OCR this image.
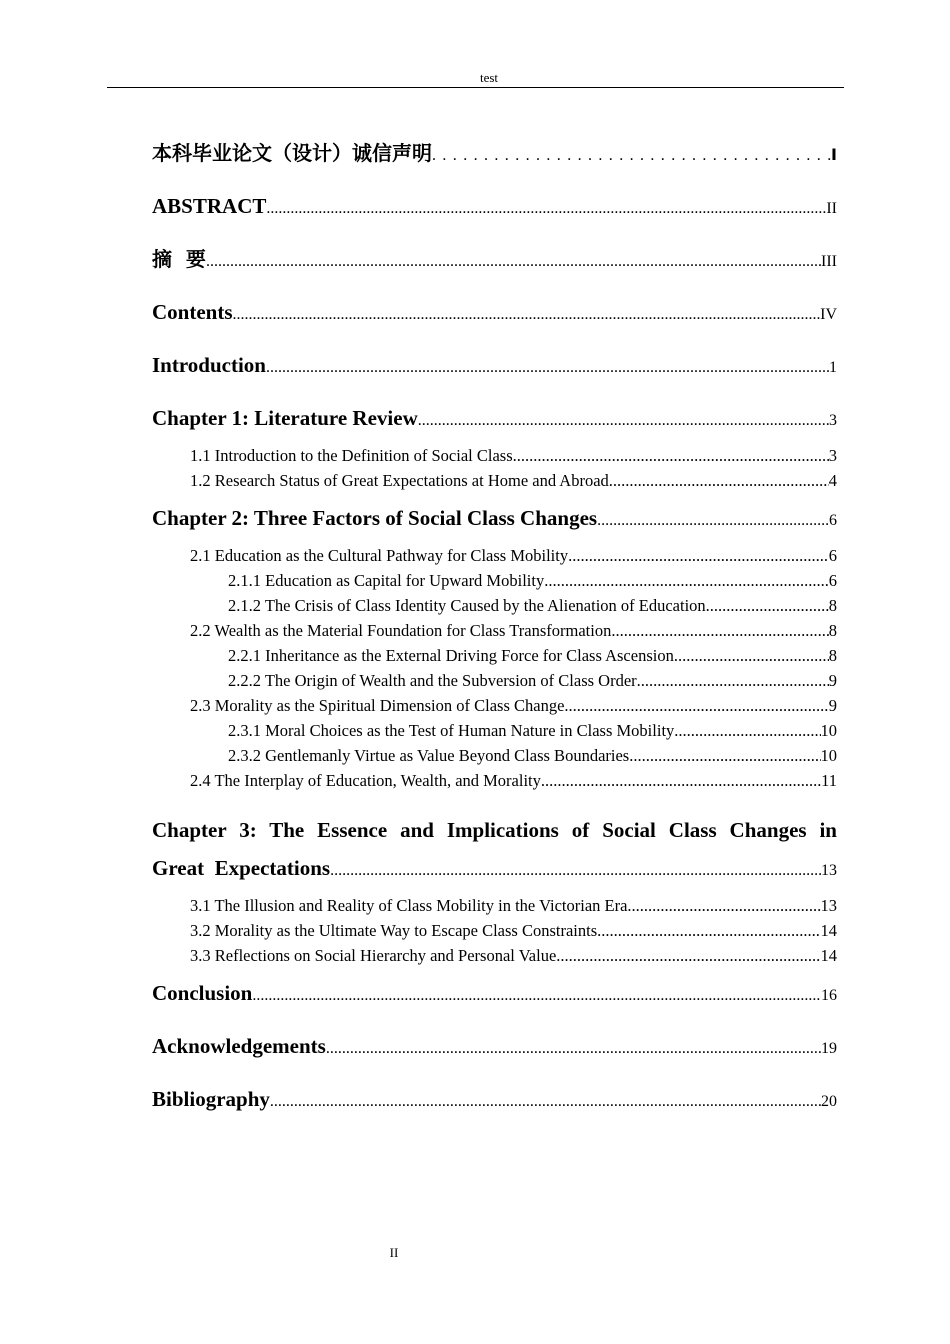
test
本科毕业论文（设计）诚信声明 . . .	I
ABSTRACT .....	II
摘  要 .....	III
Contents .....	IV
Introduction .....	1
Chapter 1: Literature Review .....	3
1.1 Introduction to the Definition of Social Class .....	3
1.2 Research Status of Great Expectations at Home and Abroad .....	4
Chapter 2: Three Factors of Social Class Changes .....	6
2.1 Education as the Cultural Pathway for Class Mobility .....	6
2.1.1 Education as Capital for Upward Mobility .....	6
2.1.2 The Crisis of Class Identity Caused by the Alienation of Education .....	8
2.2 Wealth as the Material Foundation for Class Transformation .....	8
2.2.1 Inheritance as the External Driving Force for Class Ascension .....	8
2.2.2 The Origin of Wealth and the Subversion of Class Order .....	9
2.3 Morality as the Spiritual Dimension of Class Change .....	9
2.3.1 Moral Choices as the Test of Human Nature in Class Mobility .....	10
2.3.2 Gentlemanly Virtue as Value Beyond Class Boundaries .....	10
2.4 The Interplay of Education, Wealth, and Morality .....	11
Chapter 3: The Essence and Implications of Social Class Changes in
Great  Expectations .....	13
3.1 The Illusion and Reality of Class Mobility in the Victorian Era .....	13
3.2 Morality as the Ultimate Way to Escape Class Constraints .....	14
3.3 Reflections on Social Hierarchy and Personal Value .....	14
Conclusion .....	16
Acknowledgements .....	19
Bibliography .....	20
II
